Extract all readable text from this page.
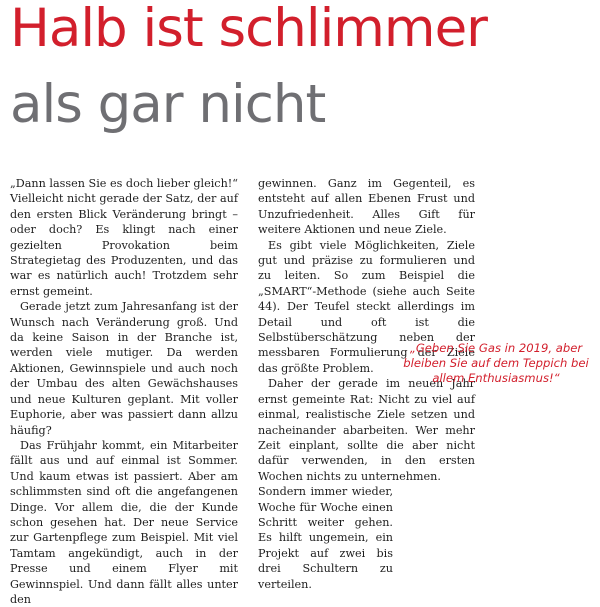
Halb ist schlimmer
als gar nicht

„Dann lassen Sie es doch lieber gleich!“ Vielleicht nicht gerade der Satz, der auf den ersten Blick Veränderung bringt – oder doch? Es klingt nach einer gezielten Provokation beim Strategietag des Produzenten, und das war es natürlich auch! Trotzdem sehr ernst gemeint.

Gerade jetzt zum Jahresanfang ist der Wunsch nach Veränderung groß. Und da keine Saison in der Branche ist, werden viele mutiger. Da werden Aktionen, Gewinnspiele und auch noch der Umbau des alten Gewächshauses und neue Kulturen geplant. Mit voller Euphorie, aber was passiert dann allzu häufig?

Das Frühjahr kommt, ein Mitarbeiter fällt aus und auf einmal ist Sommer. Und kaum etwas ist passiert. Aber am schlimmsten sind oft die angefangenen Dinge. Vor allem die, die der Kunde schon gesehen hat. Der neue Service zur Gartenpflege zum Beispiel. Mit viel Tamtam angekündigt, auch in der Presse und einem Flyer mit Gewinnspiel. Und dann fällt alles unter den

gewinnen. Ganz im Gegenteil, es entsteht auf allen Ebenen Frust und Unzufriedenheit. Alles Gift für weitere Aktionen und neue Ziele.

Es gibt viele Möglichkeiten, Ziele gut und präzise zu formulieren und zu leiten. So zum Beispiel die „SMART“-Methode (siehe auch Seite 44). Der Teufel steckt allerdings im Detail und oft ist die Selbstüberschätzung neben der messbaren Formulierung der Ziele das größte Problem.

Daher der gerade im neuen Jahr ernst gemeinte Rat: Nicht zu viel auf einmal, realistische Ziele setzen und nacheinander abarbeiten. Wer mehr Zeit einplant, sollte die aber nicht dafür verwenden, in den ersten Wochen nichts zu unternehmen.

Sondern immer wieder, Woche für Woche einen Schritt weiter gehen. Es hilft ungemein, ein Projekt auf zwei bis drei Schultern zu verteilen.

„Geben Sie Gas in 2019, aber bleiben Sie auf dem Teppich bei allem Enthusiasmus!“
